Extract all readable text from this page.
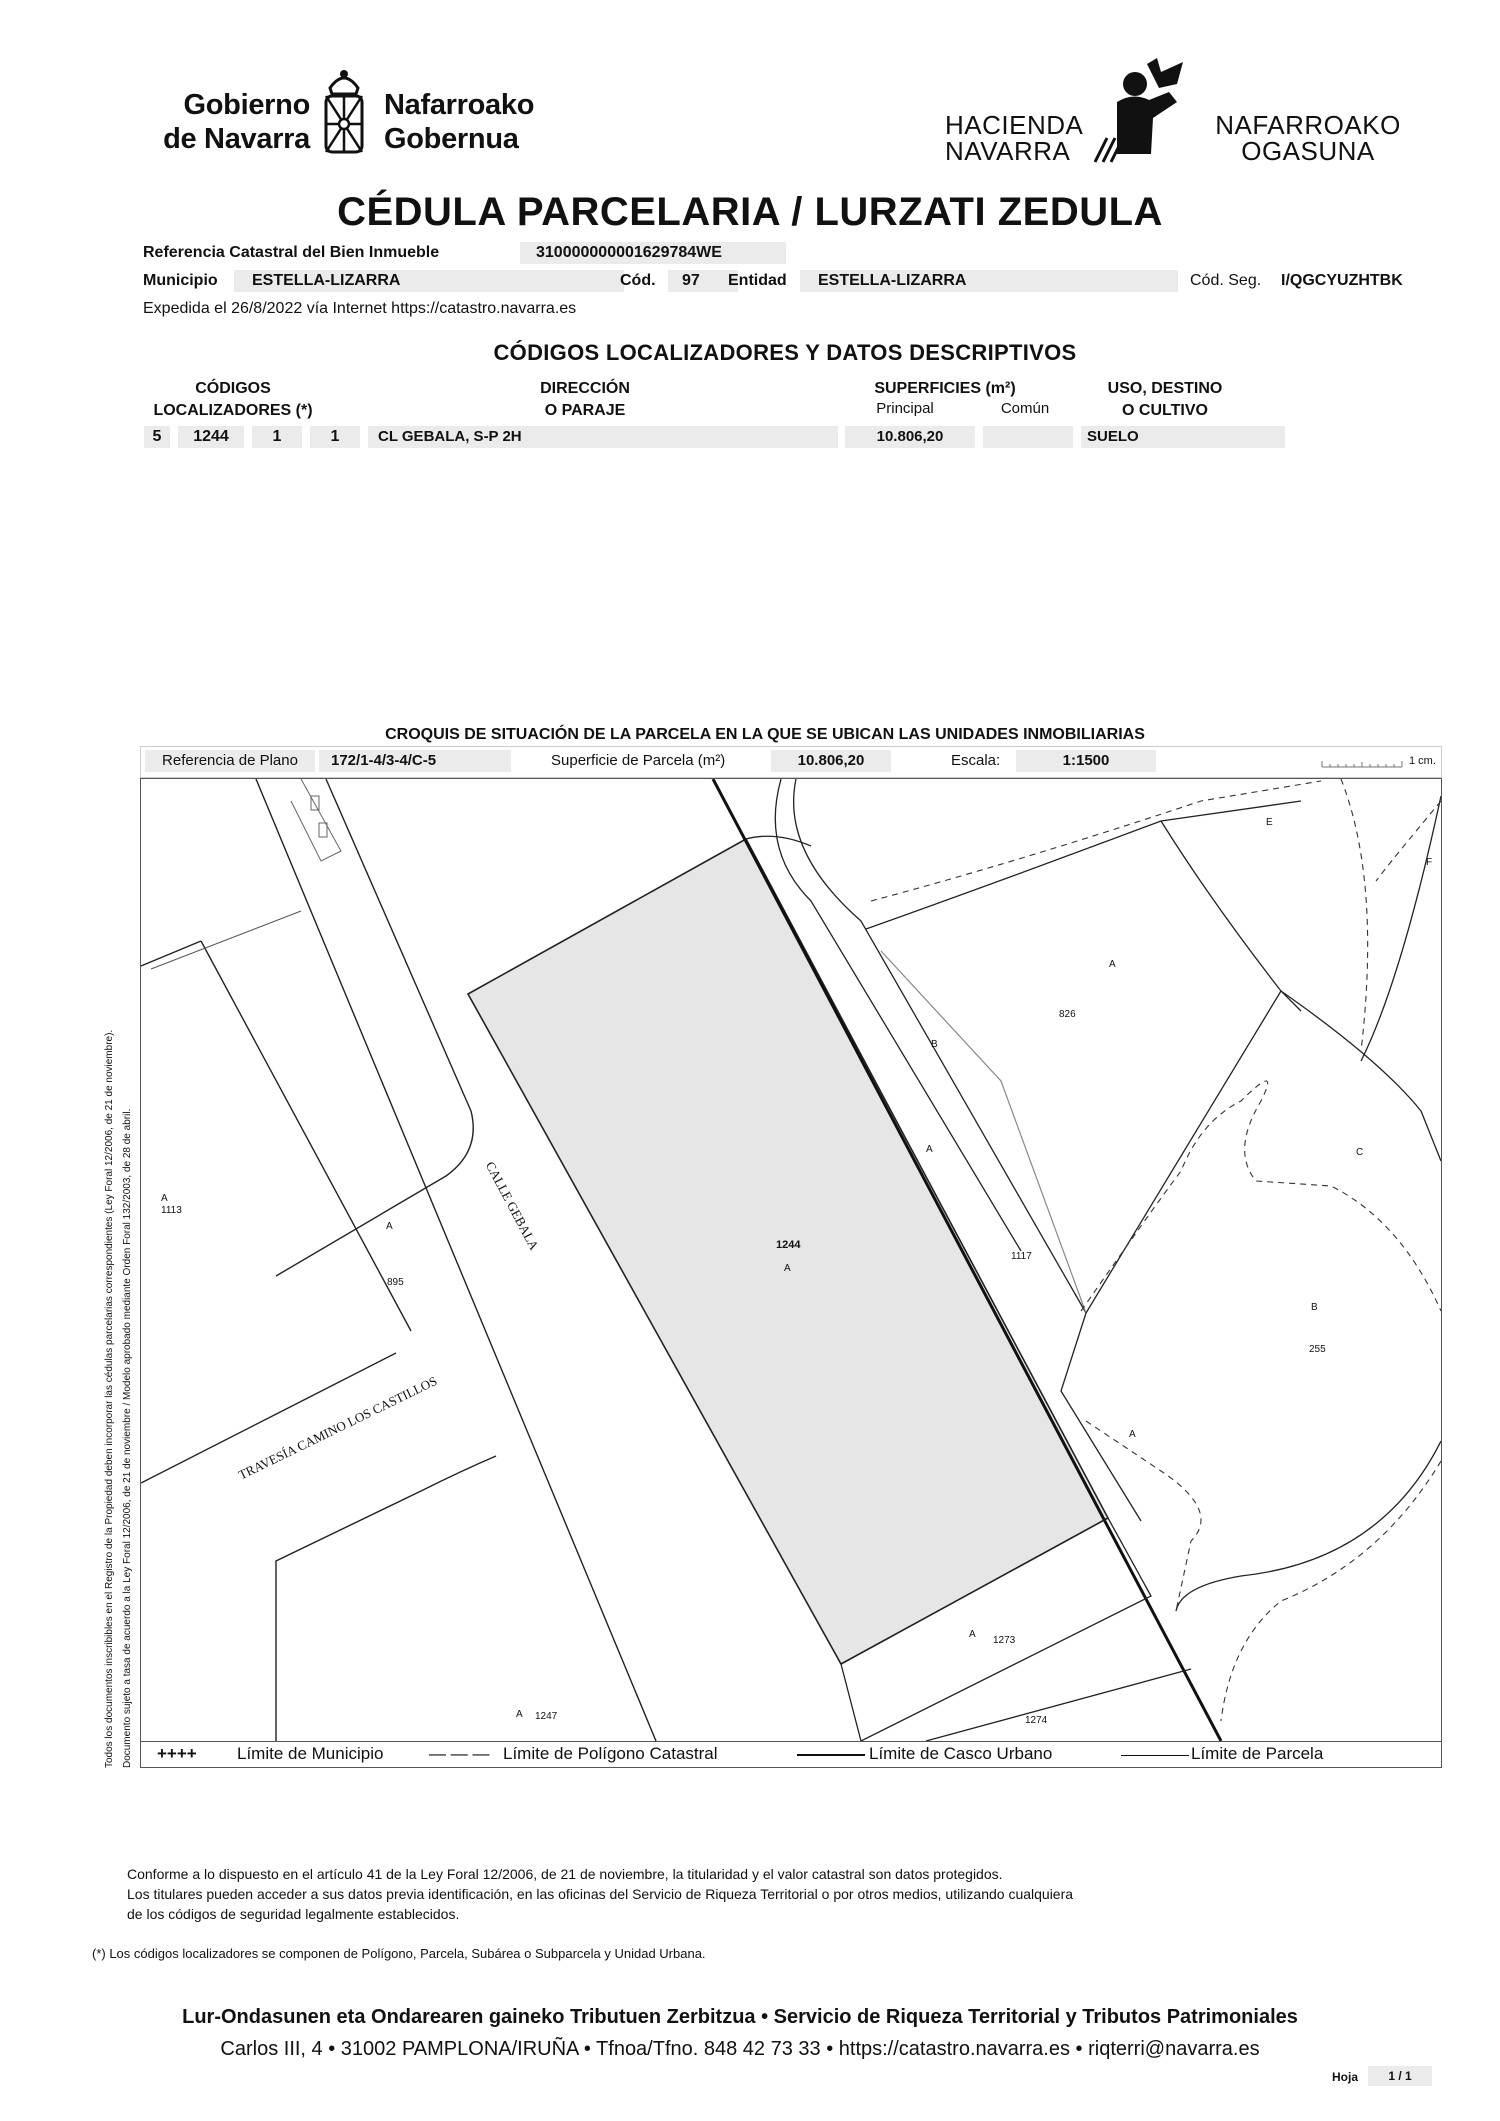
Gobierno
de Navarra
Nafarroako
Gobernua	HACIENDA
NAVARRA
NAFARROAKO
OGASUNA
CÉDULA PARCELARIA / LURZATI ZEDULA
Referencia Catastral del Bien Inmueble	310000000001629784WE
Municipio	ESTELLA-LIZARRA	Cód.	97	Entidad	ESTELLA-LIZARRA	Cód. Seg. I/QGCYUZHTBK
Expedida el 26/8/2022 vía Internet https://catastro.navarra.es
CÓDIGOS LOCALIZADORES Y DATOS DESCRIPTIVOS
CÓDIGOS
LOCALIZADORES (*)
DIRECCIÓN
O PARAJE
SUPERFICIES (m²)
Principal	Común
USO, DESTINO
O CULTIVO
5	1244	1	1	CL GEBALA, S-P 2H	10.806,20	SUELO
CROQUIS DE SITUACIÓN DE LA PARCELA EN LA QUE SE UBICAN LAS UNIDADES INMOBILIARIAS
Referencia de Plano	172/1-4/3-4/C-5	Superficie de Parcela (m²)	10.806,20	Escala:	1:1500	1 cm.
CALLE GEBALA
TRAVESÍA CAMINO LOS CASTILLOS
1244
A
1117
A
B
826
A
E
F
C
B
255
A
A
1113
A
895
A 1247
A
1273
1274
++++ Límite de Municipio	— — — Límite de Polígono Catastral	Límite de Casco Urbano	Límite de Parcela
Todos los documentos inscribibles en el Registro de la Propiedad deben incorporar las cédulas parcelarias correspondientes (Ley Foral 12/2006, de 21 de noviembre). Documento sujeto a tasa de acuerdo a la Ley Foral 12/2006, de 21 de noviembre / Modelo aprobado mediante Orden Foral 132/2003, de 28 de abril.
Conforme a lo dispuesto en el artículo 41 de la Ley Foral 12/2006, de 21 de noviembre, la titularidad y el valor catastral son datos protegidos.
Los titulares pueden acceder a sus datos previa identificación, en las oficinas del Servicio de Riqueza Territorial o por otros medios, utilizando cualquiera
de los códigos de seguridad legalmente establecidos.
(*) Los códigos localizadores se componen de Polígono, Parcela, Subárea o Subparcela y Unidad Urbana.
Lur-Ondasunen eta Ondarearen gaineko Tributuen Zerbitzua • Servicio de Riqueza Territorial y Tributos Patrimoniales
Carlos III, 4 • 31002 PAMPLONA/IRUÑA • Tfnoa/Tfno. 848 42 73 33 • https://catastro.navarra.es • riqterri@navarra.es
Hoja	1 / 1
